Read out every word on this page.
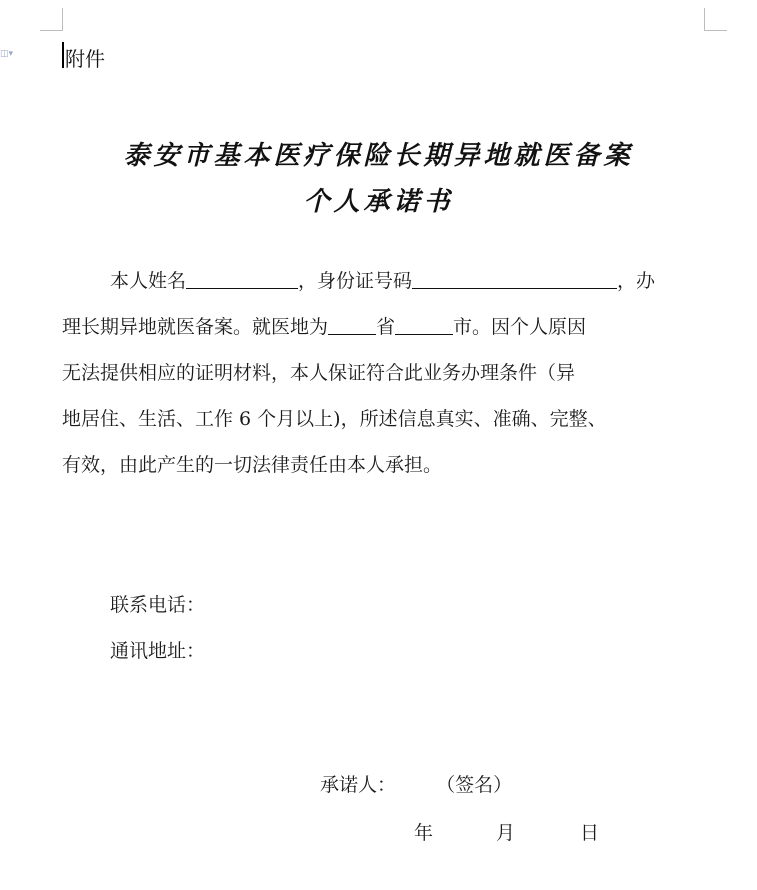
◫▾	附件
泰安市基本医疗保险长期异地就医备案
个人承诺书
本人姓名	，身份证号码	，办
理长期异地就医备案。就医地为	省	市。因个人原因
无法提供相应的证明材料，本人保证符合此业务办理条件（异
地居住、生活、工作 6 个月以上)，所述信息真实、准确、完整、
有效，由此产生的一切法律责任由本人承担。
联系电话：
通讯地址：
承诺人： （签名）
年	月	日
